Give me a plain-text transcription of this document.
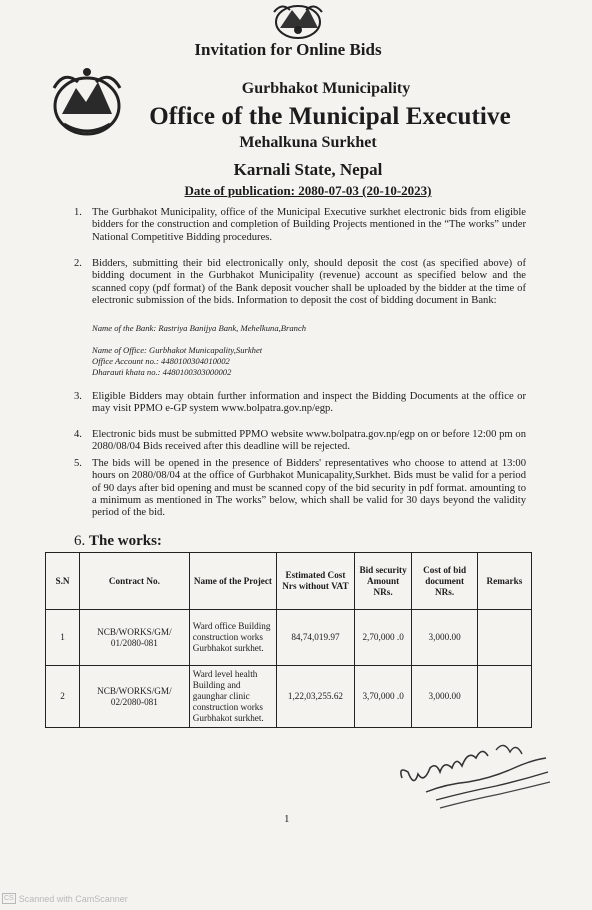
Invitation for Online Bids
Gurbhakot Municipality
Office of the Municipal Executive
Mehalkuna Surkhet
Karnali State, Nepal
Date of publication: 2080-07-03 (20-10-2023)
1. The Gurbhakot Municipality, office of the Municipal Executive surkhet electronic bids from eligible bidders for the construction and completion of Building Projects mentioned in the “The works” under National Competitive Bidding procedures.
2. Bidders, submitting their bid electronically only, should deposit the cost (as specified above) of bidding document in the Gurbhakot Municipality (revenue) account as specified below and the scanned copy (pdf format) of the Bank deposit voucher shall be uploaded by the bidder at the time of electronic submission of the bids. Information to deposit the cost of bidding document in Bank:
Name of the Bank: Rastriya Banijya Bank, Mehelkuna,Branch
Name of Office: Gurbhakot Municapality,Surkhet
Office Account no.: 4480100304010002
Dharauti khata no.: 4480100303000002
3. Eligible Bidders may obtain further information and inspect the Bidding Documents at the office or may visit PPMO e-GP system www.bolpatra.gov.np/egp.
4. Electronic bids must be submitted PPMO website www.bolpatra.gov.np/egp on or before 12:00 pm on 2080/08/04 Bids received after this deadline will be rejected.
5. The bids will be opened in the presence of Bidders' representatives who choose to attend at 13:00 hours on 2080/08/04 at the office of Gurbhakot Municapality,Surkhet. Bids must be valid for a period of 90 days after bid opening and must be scanned copy of the bid security in pdf format. amounting to a minimum as mentioned in The works” below, which shall be valid for 30 days beyond the validity period of the bid.
6. The works:
S.N	Contract No.	Name of the Project	Estimated Cost Nrs without VAT	Bid security Amount NRs.	Cost of bid document NRs.	Remarks
1	NCB/WORKS/GM/ 01/2080-081	Ward office Building construction works Gurbhakot surkhet.	84,74,019.97	2,70,000 .0	3,000.00	
2	NCB/WORKS/GM/ 02/2080-081	Ward level health Building and gaunghar clinic construction works Gurbhakot surkhet.	1,22,03,255.62	3,70,000 .0	3,000.00	
1
CS Scanned with CamScanner
